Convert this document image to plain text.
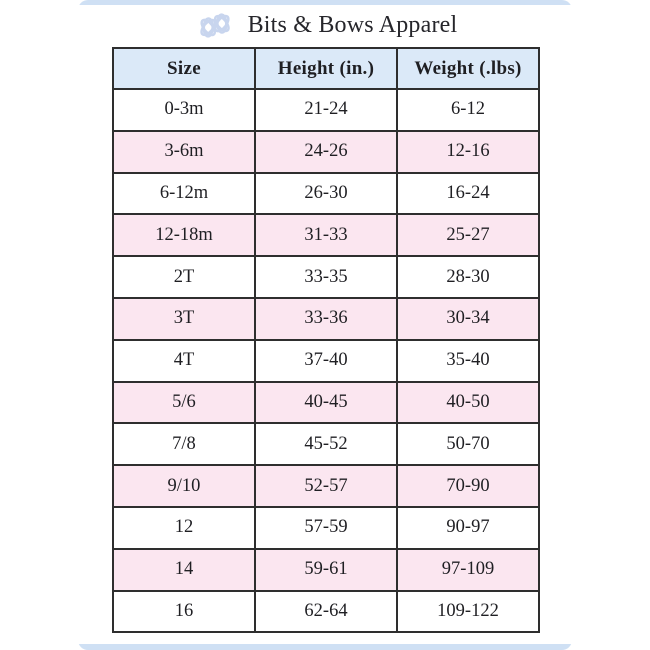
Bits & Bows Apparel
Size	Height (in.)	Weight (.lbs)
0-3m	21-24	6-12
3-6m	24-26	12-16
6-12m	26-30	16-24
12-18m	31-33	25-27
2T	33-35	28-30
3T	33-36	30-34
4T	37-40	35-40
5/6	40-45	40-50
7/8	45-52	50-70
9/10	52-57	70-90
12	57-59	90-97
14	59-61	97-109
16	62-64	109-122
